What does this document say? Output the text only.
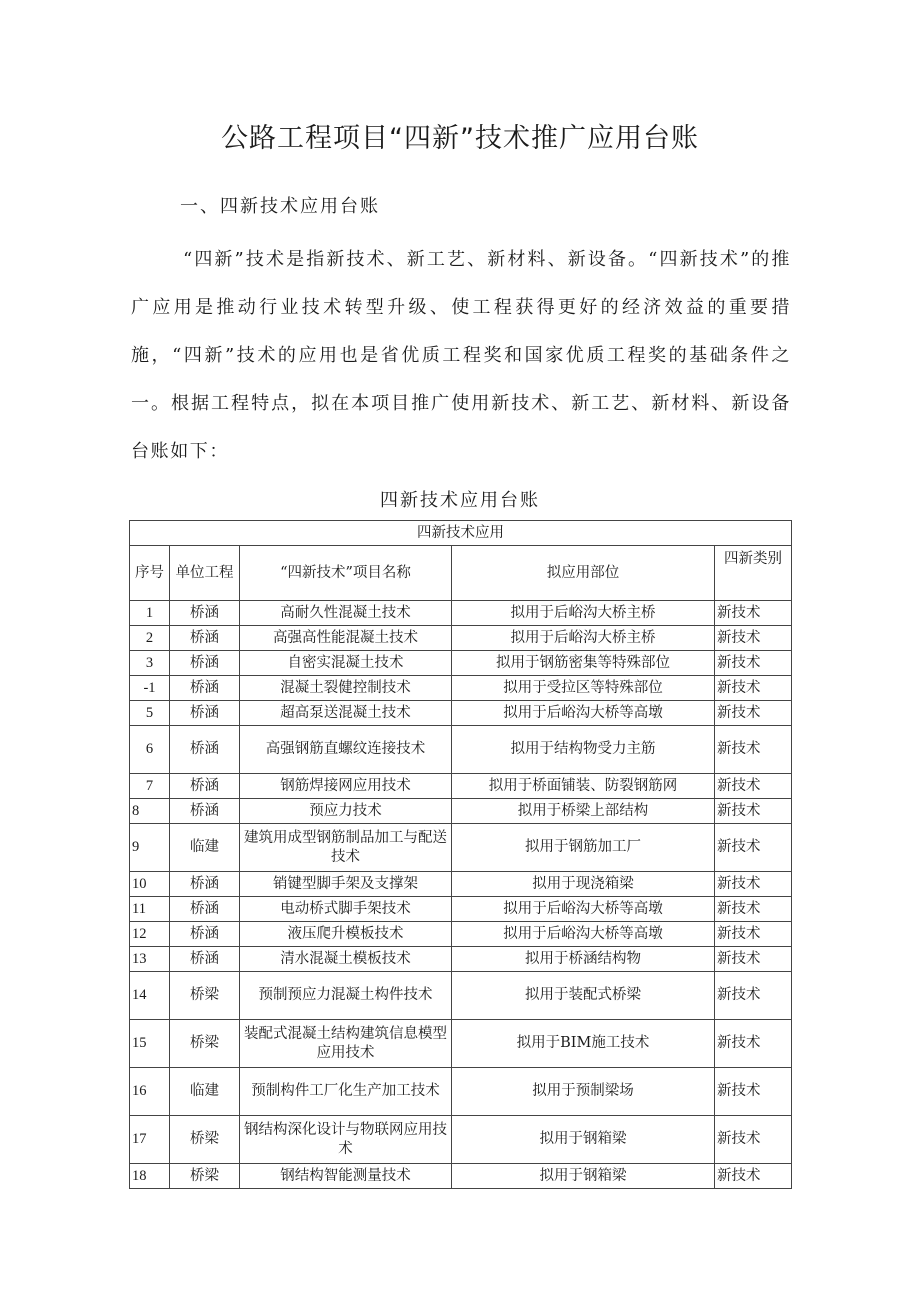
公路工程项目“四新”技术推广应用台账
一、四新技术应用台账
“四新”技术是指新技术、新工艺、新材料、新设备。“四新技术”的推广应用是推动行业技术转型升级、使工程获得更好的经济效益的重要措施，“四新”技术的应用也是省优质工程奖和国家优质工程奖的基础条件之一。根据工程特点，拟在本项目推广使用新技术、新工艺、新材料、新设备台账如下：
四新技术应用台账
四新技术应用				
序号	单位工程	“四新技术”项目名称	拟应用部位	四新类别
1	桥涵	高耐久性混凝土技术	拟用于后峪沟大桥主桥	新技术
2	桥涵	高强高性能混凝土技术	拟用于后峪沟大桥主桥	新技术
3	桥涵	自密实混凝土技术	拟用于钢筋密集等特殊部位	新技术
-1	桥涵	混凝土裂健控制技术	拟用于受拉区等特殊部位	新技术
5	桥涵	超高泵送混凝土技术	拟用于后峪沟大桥等高墩	新技术
6	桥涵	高强钢筋直螺纹连接技术	拟用于结构物受力主筋	新技术
7	桥涵	钢筋焊接网应用技术	拟用于桥面铺装、防裂钢筋网	新技术
8	桥涵	预应力技术	拟用于桥梁上部结构	新技术
9	临建	建筑用成型钢筋制品加工与配送技术	拟用于钢筋加工厂	新技术
10	桥涵	销键型脚手架及支撑架	拟用于现浇箱梁	新技术
11	桥涵	电动桥式脚手架技术	拟用于后峪沟大桥等高墩	新技术
12	桥涵	液压爬升模板技术	拟用于后峪沟大桥等高墩	新技术
13	桥涵	清水混凝土模板技术	拟用于桥涵结构物	新技术
14	桥梁	预制预应力混凝土构件技术	拟用于装配式桥梁	新技术
15	桥梁	装配式混凝土结构建筑信息模型应用技术	拟用于BIM施工技术	新技术
16	临建	预制构件工厂化生产加工技术	拟用于预制梁场	新技术
17	桥梁	钢结构深化设计与物联网应用技术	拟用于钢箱梁	新技术
18	桥梁	钢结构智能测量技术	拟用于钢箱梁	新技术
